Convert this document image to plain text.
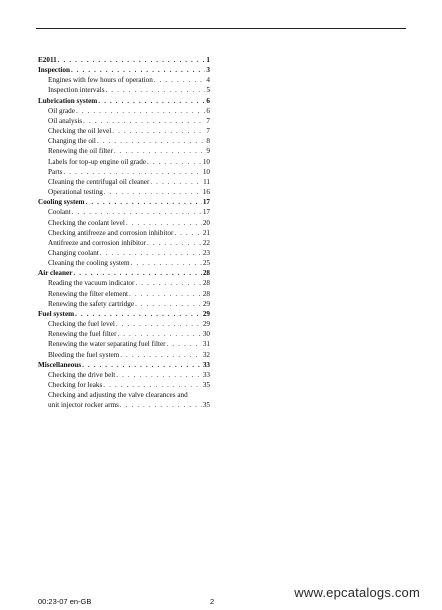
E2011 . . .	1
Inspection . . .	3
Engines with few hours of operation . . .	4
Inspection intervals . . .	5
Lubrication system . . .	6
Oil grade . . .	6
Oil analysis . . .	7
Checking the oil level . . .	7
Changing the oil . . .	8
Renewing the oil filter . . .	9
Labels for top-up engine oil grade . . .	10
Parts . . .	10
Cleaning the centrifugal oil cleaner . . .	11
Operational testing . . .	16
Cooling system . . .	17
Coolant . . .	17
Checking the coolant level . . .	20
Checking antifreeze and corrosion inhibitor . . .	21
Antifreeze and corrosion inhibitor . . .	22
Changing coolant . . .	23
Cleaning the cooling system . . .	25
Air cleaner . . .	28
Reading the vacuum indicator . . .	28
Renewing the filter element . . .	28
Renewing the safety cartridge . . .	29
Fuel system . . .	29
Checking the fuel level . . .	29
Renewing the fuel filter . . .	30
Renewing the water separating fuel filter . . .	31
Bleeding the fuel system . . .	32
Miscellaneous . . .	33
Checking the drive belt . . .	33
Checking for leaks . . .	35
Checking and adjusting the valve clearances and
unit injector rocker arms . . .	35
00:23-07 en-GB	2
www.epcatalogs.com
